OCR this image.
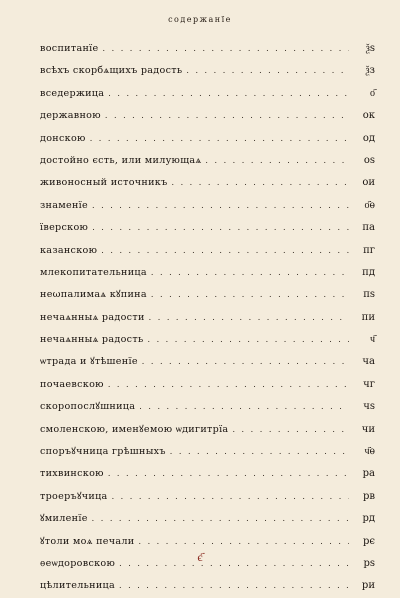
содержанїе
воспитанїе . . .	ѯѕ
всѣхъ скорбѧщихъ радость . . .	ѯз
вседержица . . .	о҃
державною . . .	ок
донскою . . .	од
достойно єсть, или милующаѧ . . .	оѕ
живоносный источникъ . . .	ои
знаменїе . . .	о҃ѳ
їверскою . . .	па
казанскою . . .	пг
млекопитательница . . .	пд
неωпалимаѧ кꙋпина . . .	пѕ
нечаѧнныѧ радости . . .	пи
нечаѧнныѧ радость . . .	ч҃
ѡтрада и ꙋтѣшенїе . . .	ча
почаевскою . . .	чг
скоропослꙋшница . . .	чѕ
смоленскою, именꙋемою ѡдигитрїа . . .	чи
споръꙋчница грѣшныхъ . . .	ч҃ѳ
тихвинскою . . .	ра
троеръꙋчица . . .	рв
ꙋмиленїе . . .	рд
ꙋтоли моѧ печали . . .	рє
ѳеѡдоровскою . . .	рѕ
цѣлительница . . .	ри
є҃
